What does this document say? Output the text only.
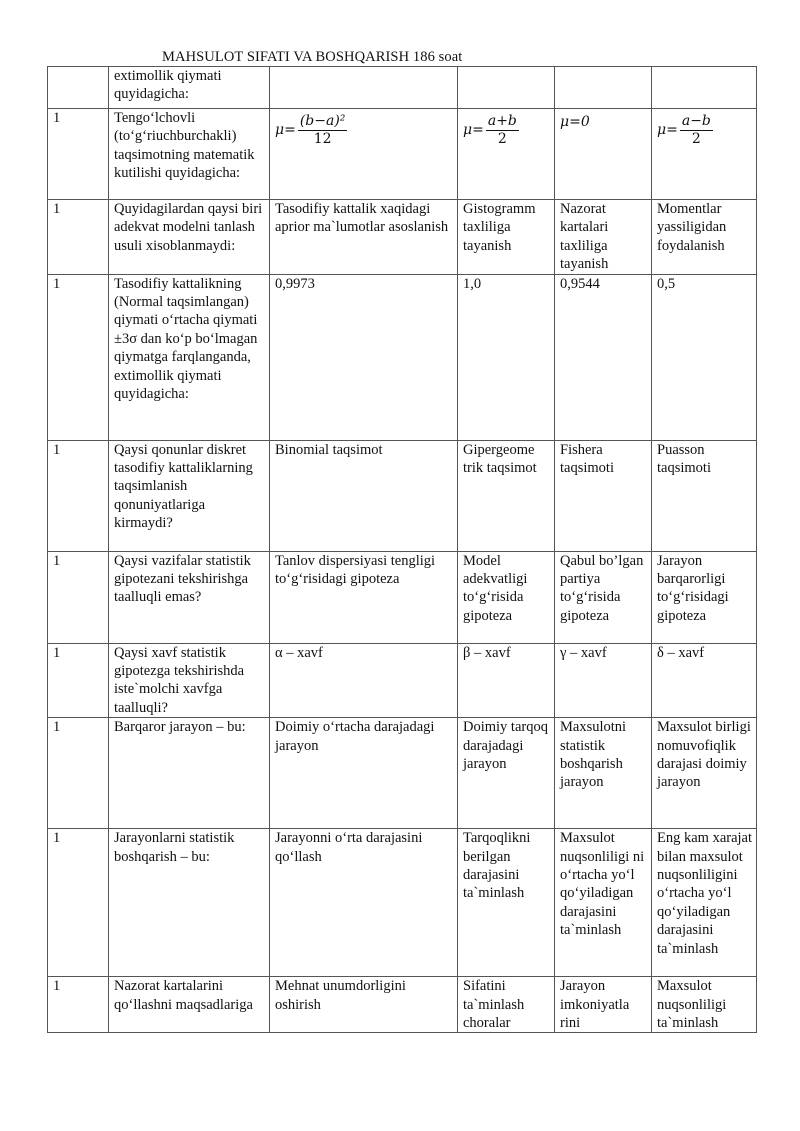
MAHSULOT SIFATI VA BOSHQARISH 186 soat
	extimollik qiymati quyidagicha:				
1	Tengo‘lchovli (to‘g‘riuchburchakli) taqsimotning matematik kutilishi quyidagicha:	$\mu= \frac{\text{(b−a)²}}{12}$	$\mu= \frac{a+b}{2}$	μ=0	$\mu= \frac{a-b}{2}$

1	Quyidagilardan qaysi biri adekvat modelni tanlash usuli xisoblanmaydi:	Tasodifiy kattalik xaqidagi aprior ma`lumotlar asoslanish	Gistogramm taxliliga tayanish	Nazorat kartalari taxliliga tayanish	Momentlar yassiligidan foydalanish
1	Tasodifiy kattalikning (Normal taqsimlangan) qiymati o‘rtacha qiymati ±3σ dan ko‘p bo‘lmagan qiymatga farqlanganda, extimollik qiymati quyidagicha:	0,9973	1,0	0,9544	0,5
1	Qaysi qonunlar diskret tasodifiy kattaliklarning taqsimlanish qonuniyatlariga kirmaydi?	Binomial taqsimot	Gipergeome trik taqsimot	Fishera taqsimoti	Puasson taqsimoti
1	Qaysi vazifalar statistik gipotezani tekshirishga taalluqli emas?	Tanlov dispersiyasi tengligi to‘g‘risidagi gipoteza	Model adekvatligi to‘g‘risida gipoteza	Qabul bo’lgan partiya to‘g‘risida gipoteza	Jarayon barqarorligi to‘g‘risidagi gipoteza
1	Qaysi xavf statistik gipotezga tekshirishda iste`molchi xavfga taalluqli?	α – xavf	β – xavf	γ – xavf	δ – xavf
1	Barqaror jarayon – bu:	Doimiy o‘rtacha darajadagi jarayon	Doimiy tarqoq darajadagi jarayon	Maxsulotni statistik boshqarish jarayon	Maxsulot birligi nomuvofiqlik darajasi doimiy jarayon
1	Jarayonlarni statistik boshqarish – bu:	Jarayonni o‘rta darajasini qo‘llash	Tarqoqlikni berilgan darajasini ta`minlash	Maxsulot nuqsonliligi ni o‘rtacha yo‘l qo‘yiladigan darajasini ta`minlash	Eng kam xarajat bilan maxsulot nuqsonliligini o‘rtacha yo‘l qo‘yiladigan darajasini ta`minlash
1	Nazorat kartalarini qo‘llashni maqsadlariga	Mehnat unumdorligini oshirish	Sifatini ta`minlash choralar	Jarayon imkoniyatla rini	Maxsulot nuqsonliligi ta`minlash
